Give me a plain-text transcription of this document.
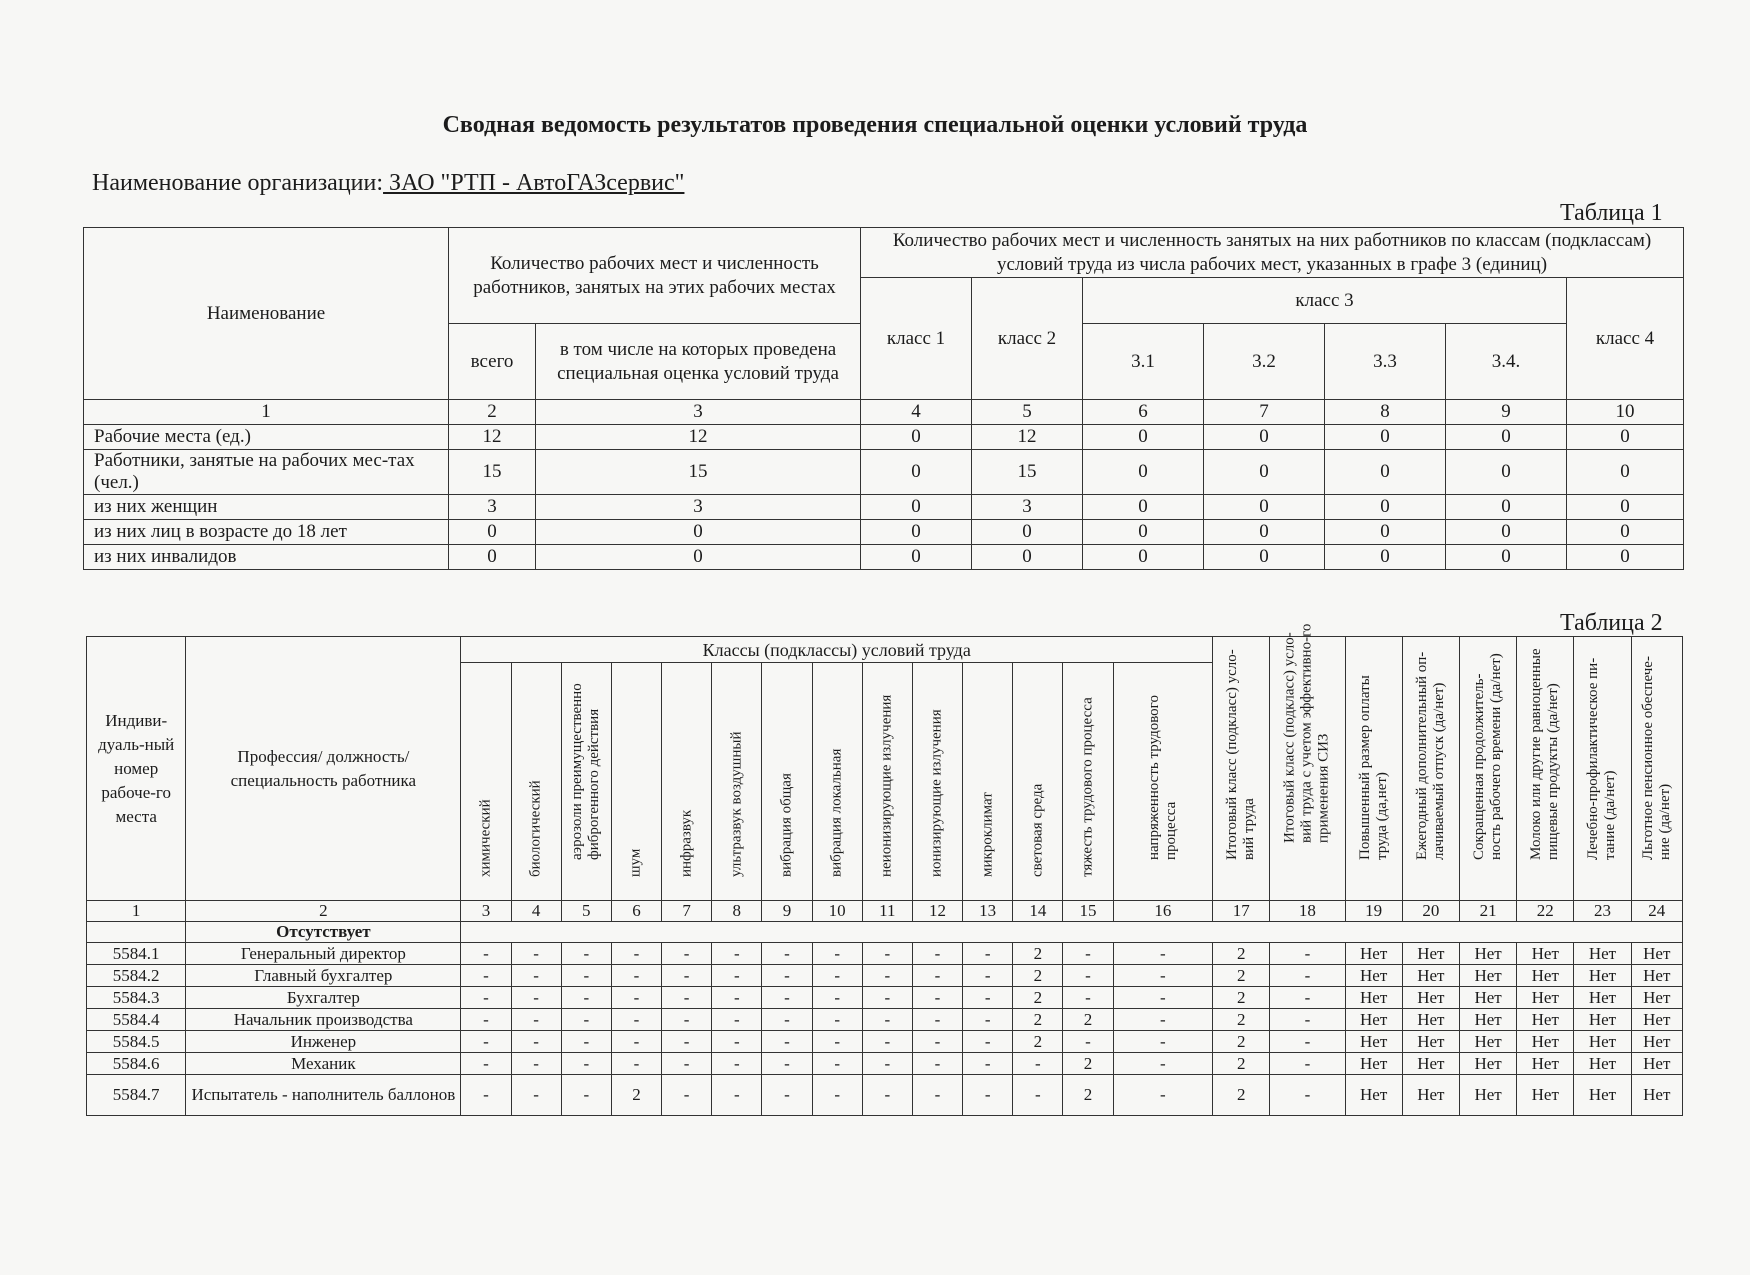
Сводная ведомость результатов проведения специальной оценки условий труда
Наименование организации: ЗАО "РТП - АвтоГАЗсервис"
Таблица 1
Наименование	Количество рабочих мест и численность работников, занятых на этих рабочих местах		Количество рабочих мест и численность занятых на них работников по классам (подклассам) условий труда из числа рабочих мест, указанных в графе 3 (единиц)						
			класс 1	класс 2	класс 3				класс 4
	всего	в том числе на которых проведена специальная оценка условий труда			3.1	3.2	3.3	3.4.	
1	2	3	4	5	6	7	8	9	10
Рабочие места (ед.)	12	12	0	12	0	0	0	0	0
Работники, занятые на рабочих мес-тах (чел.)	15	15	0	15	0	0	0	0	0
из них женщин	3	3	0	3	0	0	0	0	0
из них лиц в возрасте до 18 лет	0	0	0	0	0	0	0	0	0
из них инвалидов	0	0	0	0	0	0	0	0	0
Таблица 2
Индиви-дуаль-ный номер рабоче-го места	Профессия/ должность/ специальность работника	Классы (подклассы) условий труда														Итоговый класс (подкласс) усло-вий труда	Итоговый класс (подкласс) усло-вий труда с учетом эффективно-го применения СИЗ	Повышенный размер оплаты труда (да,нет)	Ежегодный дополнительный оп-лачиваемый отпуск (да/нет)	Сокращенная продолжитель-ность рабочего времени (да/нет)	Молоко или другие равноценные пищевые продукты (да/нет)	Лечебно-профилактическое пи-тание (да/нет)	Льготное пенсионное обеспече-ние (да/нет)

		химический	биологический	аэрозоли преимущественно фиброгенного действия	шум	инфразвук	ультразвук воздушный	вибрация общая	вибрация локальная	неионизирующие излучения	ионизирующие излучения	микроклимат	световая среда	тяжесть трудового процесса	напряженность трудового процесса								

1	2	3	4	5	6	7	8	9	10	11	12	13	14	15	16	17	18	19	20	21	22	23	24
	Отсутствует																						
5584.1	Генеральный директор	-	-	-	-	-	-	-	-	-	-	-	2	-	-	2	-	Нет	Нет	Нет	Нет	Нет	Нет
5584.2	Главный бухгалтер	-	-	-	-	-	-	-	-	-	-	-	2	-	-	2	-	Нет	Нет	Нет	Нет	Нет	Нет
5584.3	Бухгалтер	-	-	-	-	-	-	-	-	-	-	-	2	-	-	2	-	Нет	Нет	Нет	Нет	Нет	Нет
5584.4	Начальник производства	-	-	-	-	-	-	-	-	-	-	-	2	2	-	2	-	Нет	Нет	Нет	Нет	Нет	Нет
5584.5	Инженер	-	-	-	-	-	-	-	-	-	-	-	2	-	-	2	-	Нет	Нет	Нет	Нет	Нет	Нет
5584.6	Механик	-	-	-	-	-	-	-	-	-	-	-	-	2	-	2	-	Нет	Нет	Нет	Нет	Нет	Нет
5584.7	Испытатель - наполнитель баллонов	-	-	-	2	-	-	-	-	-	-	-	-	2	-	2	-	Нет	Нет	Нет	Нет	Нет	Нет
